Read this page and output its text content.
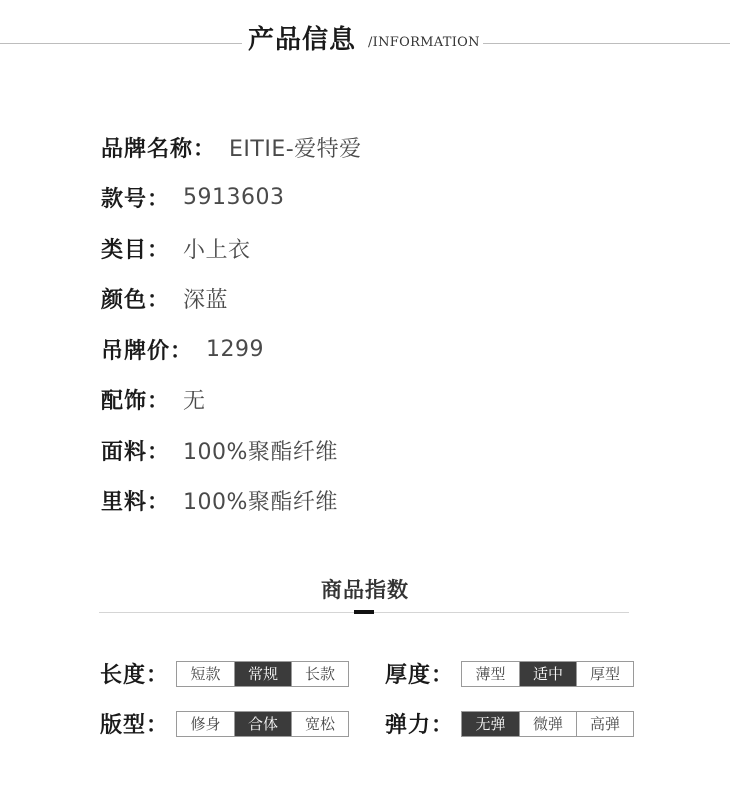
产品信息 /INFORMATION
品牌名称 ： EITIE-爱特爱
款号 ： 5913603
类目 ： 小上衣
颜色 ： 深蓝
吊牌价 ： 1299
配饰 ： 无
面料 ： 100%聚酯纤维
里料 ： 100%聚酯纤维
商品指数
长度 ：	短款	常规	长款	厚度 ：	薄型	适中	厚型
版型 ：	修身	合体	宽松	弹力 ：	无弹	微弹	高弹
